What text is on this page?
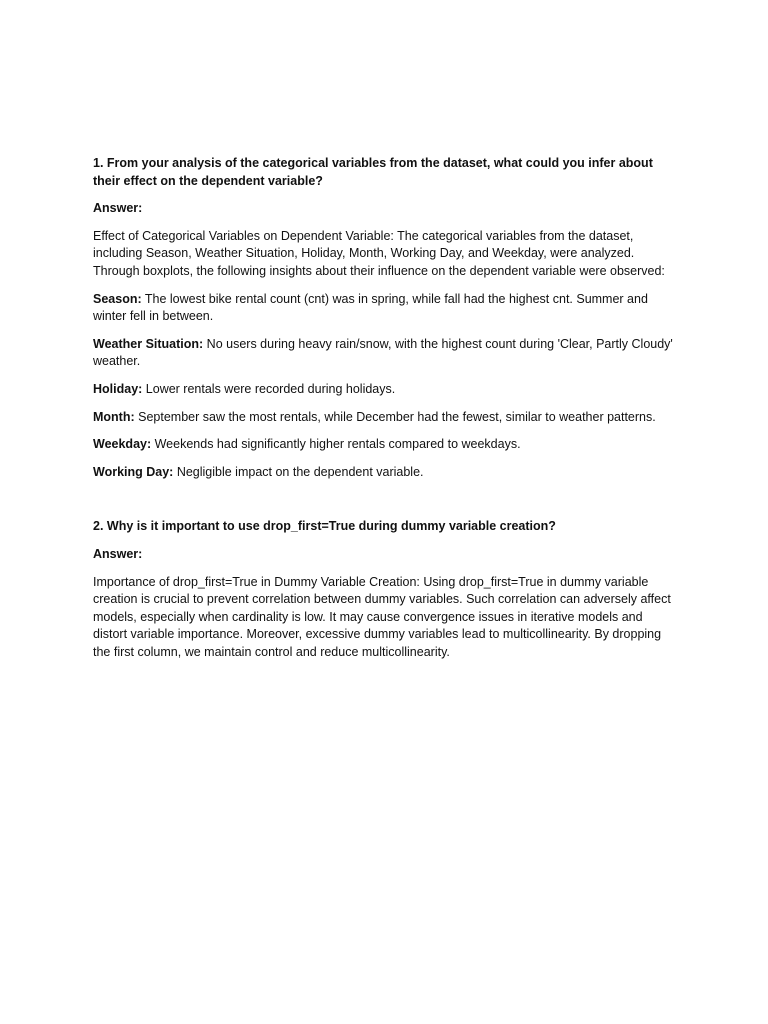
1. From your analysis of the categorical variables from the dataset, what could you infer about their effect on the dependent variable?

Answer:

Effect of Categorical Variables on Dependent Variable: The categorical variables from the dataset, including Season, Weather Situation, Holiday, Month, Working Day, and Weekday, were analyzed. Through boxplots, the following insights about their influence on the dependent variable were observed:

Season: The lowest bike rental count (cnt) was in spring, while fall had the highest cnt. Summer and winter fell in between.

Weather Situation: No users during heavy rain/snow, with the highest count during 'Clear, Partly Cloudy' weather.

Holiday: Lower rentals were recorded during holidays.

Month: September saw the most rentals, while December had the fewest, similar to weather patterns.

Weekday: Weekends had significantly higher rentals compared to weekdays.

Working Day: Negligible impact on the dependent variable.

2. Why is it important to use drop_first=True during dummy variable creation?

Answer:

Importance of drop_first=True in Dummy Variable Creation: Using drop_first=True in dummy variable creation is crucial to prevent correlation between dummy variables. Such correlation can adversely affect models, especially when cardinality is low. It may cause convergence issues in iterative models and distort variable importance. Moreover, excessive dummy variables lead to multicollinearity. By dropping the first column, we maintain control and reduce multicollinearity.
